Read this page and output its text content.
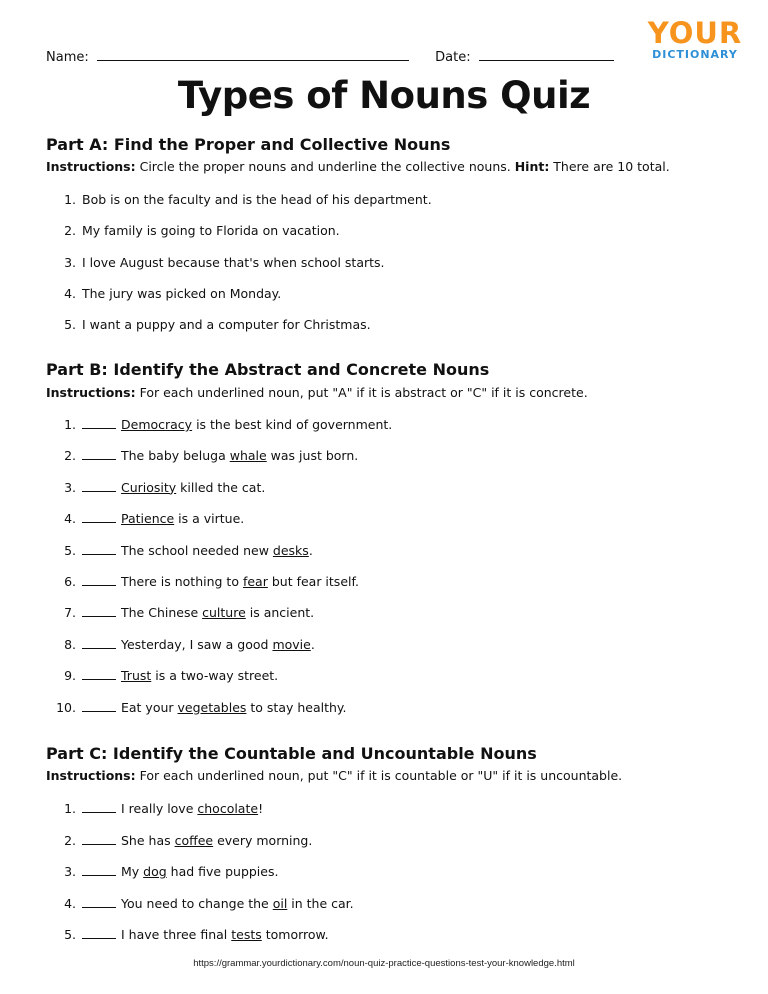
Name:	Date:
YOUR
DICTIONARY
Types of Nouns Quiz
Part A: Find the Proper and Collective Nouns
Instructions: Circle the proper nouns and underline the collective nouns. Hint: There are 10 total.
1. Bob is on the faculty and is the head of his department.
2. My family is going to Florida on vacation.
3. I love August because that's when school starts.
4. The jury was picked on Monday.
5. I want a puppy and a computer for Christmas.
Part B: Identify the Abstract and Concrete Nouns
Instructions: For each underlined noun, put "A" if it is abstract or "C" if it is concrete.
1.	Democracy is the best kind of government.
2.	The baby beluga whale was just born.
3.	Curiosity killed the cat.
4.	Patience is a virtue.
5.	The school needed new desks.
6.	There is nothing to fear but fear itself.
7.	The Chinese culture is ancient.
8.	Yesterday, I saw a good movie.
9.	Trust is a two-way street.
10.	Eat your vegetables to stay healthy.
Part C: Identify the Countable and Uncountable Nouns
Instructions: For each underlined noun, put "C" if it is countable or "U" if it is uncountable.
1.	I really love chocolate!
2.	She has coffee every morning.
3.	My dog had five puppies.
4.	You need to change the oil in the car.
5.	I have three final tests tomorrow.
https://grammar.yourdictionary.com/noun-quiz-practice-questions-test-your-knowledge.html
